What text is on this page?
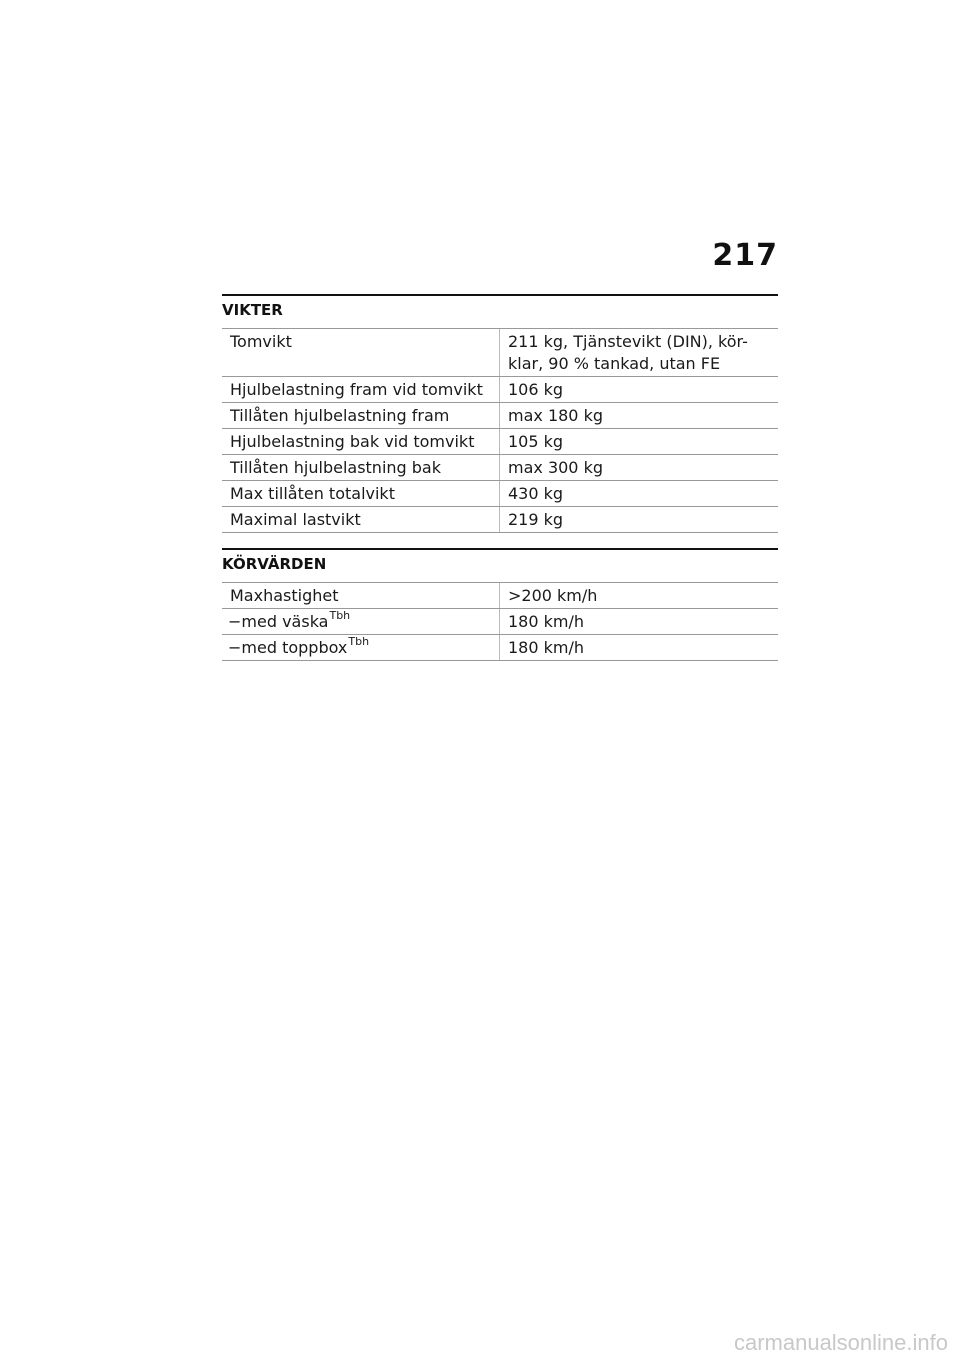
217
VIKTER
Tomvikt	211 kg, Tjänstevikt (DIN), kör-klar, 90 % tankad, utan FE
Hjulbelastning fram vid tomvikt	106 kg
Tillåten hjulbelastning fram	max 180 kg
Hjulbelastning bak vid tomvikt	105 kg
Tillåten hjulbelastning bak	max 300 kg
Max tillåten totalvikt	430 kg
Maximal lastvikt	219 kg
KÖRVÄRDEN
Maxhastighet	>200 km/h
−med väska$^{Tbh}$	180 km/h
−med toppbox$^{Tbh}$	180 km/h
carmanualsonline.info
